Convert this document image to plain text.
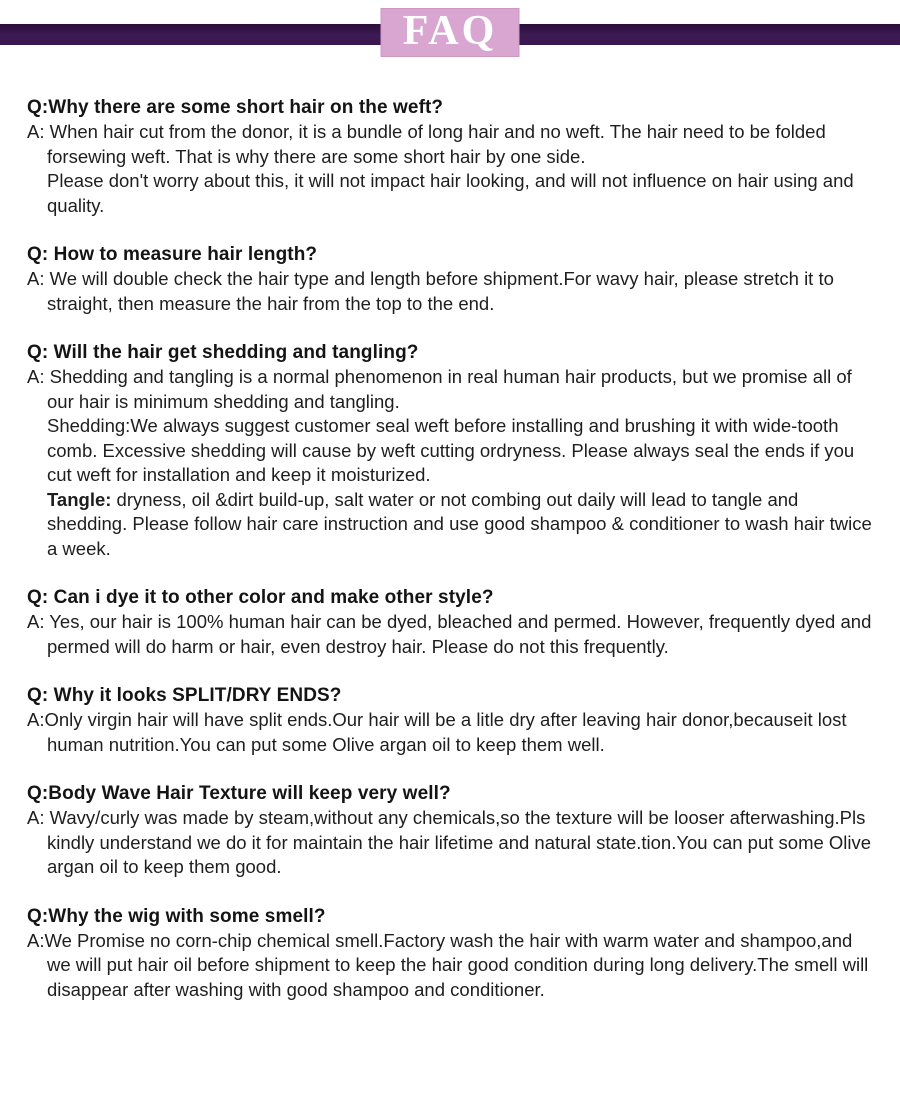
FAQ

Q:Why there are some short hair on the weft?

A: When hair cut from the donor, it is a bundle of long hair and no weft. The hair need to be folded forsewing weft. That is why there are some short hair by one side.

Please don't worry about this, it will not impact hair looking, and will not influence on hair using and quality.

Q: How to measure hair length?

A: We will double check the hair type and length before shipment.For wavy hair, please stretch it to straight, then measure the hair from the top to the end.

Q: Will the hair get shedding and tangling?

A: Shedding and tangling is a normal phenomenon in real human hair products, but we promise all of our hair is minimum shedding and tangling.

Shedding:We always suggest customer seal weft before installing and brushing it with wide-tooth comb. Excessive shedding will cause by weft cutting ordryness. Please always seal the ends if you cut weft for installation and keep it moisturized.

Tangle: dryness, oil &dirt build-up, salt water or not combing out daily will lead to tangle and shedding. Please follow hair care instruction and use good shampoo & conditioner to wash hair twice a week.

Q: Can i dye it to other color and make other style?

A: Yes, our hair is 100% human hair can be dyed, bleached and permed. However, frequently dyed and permed will do harm or hair, even destroy hair. Please do not this frequently.

Q: Why it looks SPLIT/DRY ENDS?

A:Only virgin hair will have split ends.Our hair will be a litle dry after leaving hair donor,becauseit lost human nutrition.You can put some Olive argan oil to keep them well.

Q:Body Wave Hair Texture will keep very well?

A: Wavy/curly was made by steam,without any chemicals,so the texture will be looser afterwashing.Pls kindly understand we do it for maintain the hair lifetime and natural state.tion.You can put some Olive argan oil to keep them good.

Q:Why the wig with some smell?

A:We Promise no corn-chip chemical smell.Factory wash the hair with warm water and shampoo,and we will put hair oil before shipment to keep the hair good condition during long delivery.The smell will disappear after washing with good shampoo and conditioner.
